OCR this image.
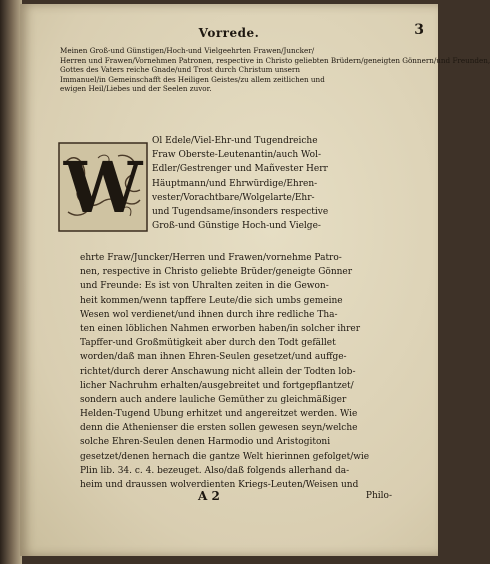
Vorrede.	3
Meinen Groß-und Günstigen/Hoch-und Vielgeehrten Frawen/Juncker/
Herren und Frawen/Vornehmen Patronen, respective in Christo geliebten Brüdern/geneigten Gönnern/und Freunden,
Gottes des Vaters reiche Gnade/und Trost durch Christum unsern
Immanuel/in Gemeinschafft des Heiligen Geistes/zu allem zeitlichen und
ewigen Heil/Liebes und der Seelen zuvor.
W
Ol Edele/Viel-Ehr-und Tugendreiche
Fraw Oberste-Leutenantin/auch Wol-
Edler/Gestrenger und Mañvester Herr
Häuptmann/und Ehrwürdige/Ehren-
vester/Vorachtbare/Wolgelarte/Ehr-
und Tugendsame/insonders respective
Groß-und Günstige Hoch-und Vielge-
ehrte Fraw/Juncker/Herren und Frawen/vornehme Patro-
nen, respective in Christo geliebte Brüder/geneigte Gönner
und Freunde: Es ist von Uhralten zeiten in die Gewon-
heit kommen/wenn tapffere Leute/die sich umbs gemeine
Wesen wol verdienet/und ihnen durch ihre redliche Tha-
ten einen löblichen Nahmen erworben haben/in solcher ihrer
Tapffer-und Großmütigkeit aber durch den Todt gefället
worden/daß man ihnen Ehren-Seulen gesetzet/und auffge-
richtet/durch derer Anschawung nicht allein der Todten lob-
licher Nachruhm erhalten/ausgebreitet und fortgepflantzet/
sondern auch andere lauliche Gemüther zu gleichmäßiger
Helden-Tugend Ubung erhitzet und angereitzet werden. Wie
denn die Athenienser die ersten sollen gewesen seyn/welche
solche Ehren-Seulen denen Harmodio und Aristogitoni
gesetzet/denen hernach die gantze Welt hierinnen gefolget/wie
Plin lib. 34. c. 4. bezeuget. Also/daß folgends allerhand da-
heim und draussen wolverdienten Kriegs-Leuten/Weisen und
A 2	Philo-
